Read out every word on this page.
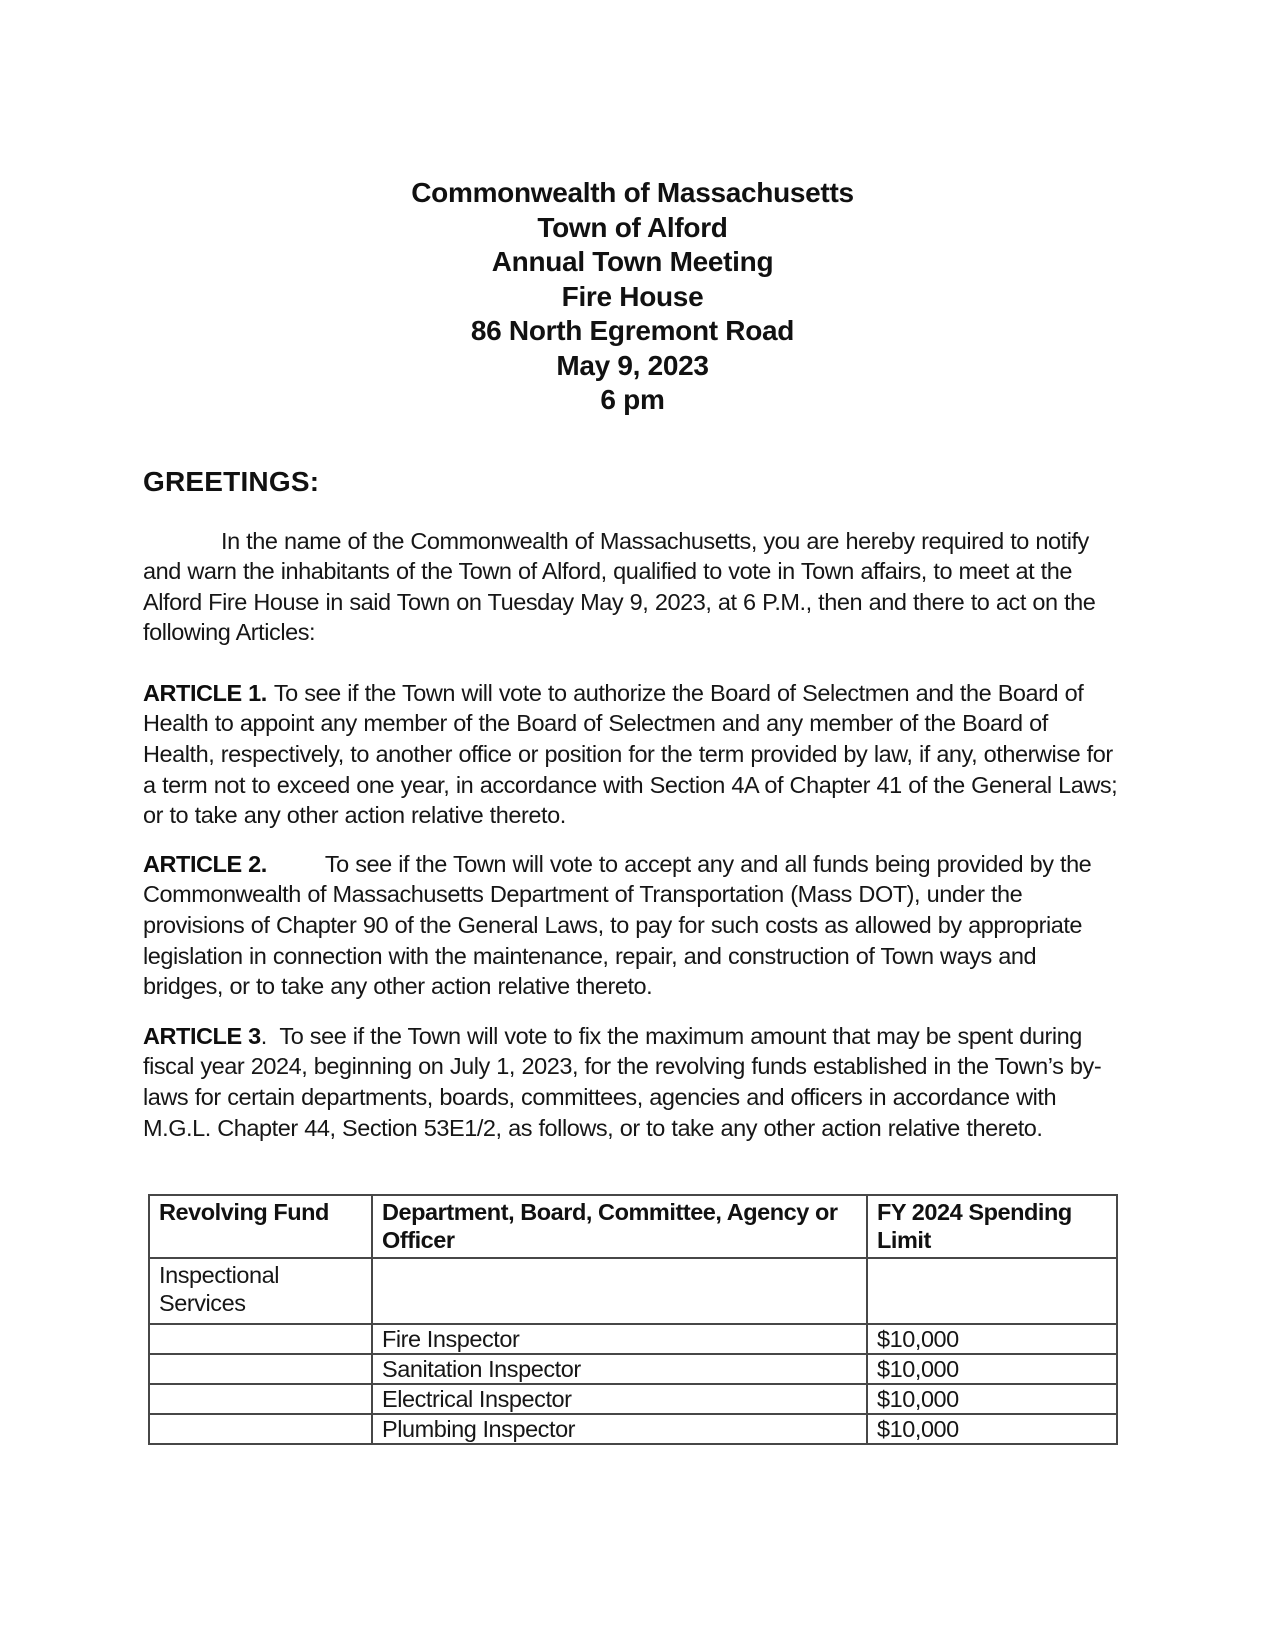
Commonwealth of Massachusetts
Town of Alford
Annual Town Meeting
Fire House
86 North Egremont Road
May 9, 2023
6 pm
GREETINGS:

In the name of the Commonwealth of Massachusetts, you are hereby required to notify and warn the inhabitants of the Town of Alford, qualified to vote in Town affairs, to meet at the Alford Fire House in said Town on Tuesday May 9, 2023, at 6 P.M., then and there to act on the following Articles:

ARTICLE 1. To see if the Town will vote to authorize the Board of Selectmen and the Board of Health to appoint any member of the Board of Selectmen and any member of the Board of Health, respectively, to another office or position for the term provided by law, if any, otherwise for a term not to exceed one year, in accordance with Section 4A of Chapter 41 of the General Laws; or to take any other action relative thereto.

ARTICLE 2. To see if the Town will vote to accept any and all funds being provided by the Commonwealth of Massachusetts Department of Transportation (Mass DOT), under the provisions of Chapter 90 of the General Laws, to pay for such costs as allowed by appropriate legislation in connection with the maintenance, repair, and construction of Town ways and bridges, or to take any other action relative thereto.

ARTICLE 3.  To see if the Town will vote to fix the maximum amount that may be spent during fiscal year 2024, beginning on July 1, 2023, for the revolving funds established in the Town’s by-laws for certain departments, boards, committees, agencies and officers in accordance with M.G.L. Chapter 44, Section 53E1/2, as follows, or to take any other action relative thereto.

Revolving Fund	Department, Board, Committee, Agency or Officer	FY 2024 Spending Limit
Inspectional Services		
	Fire Inspector	$10,000
	Sanitation Inspector	$10,000
	Electrical Inspector	$10,000
	Plumbing Inspector	$10,000
